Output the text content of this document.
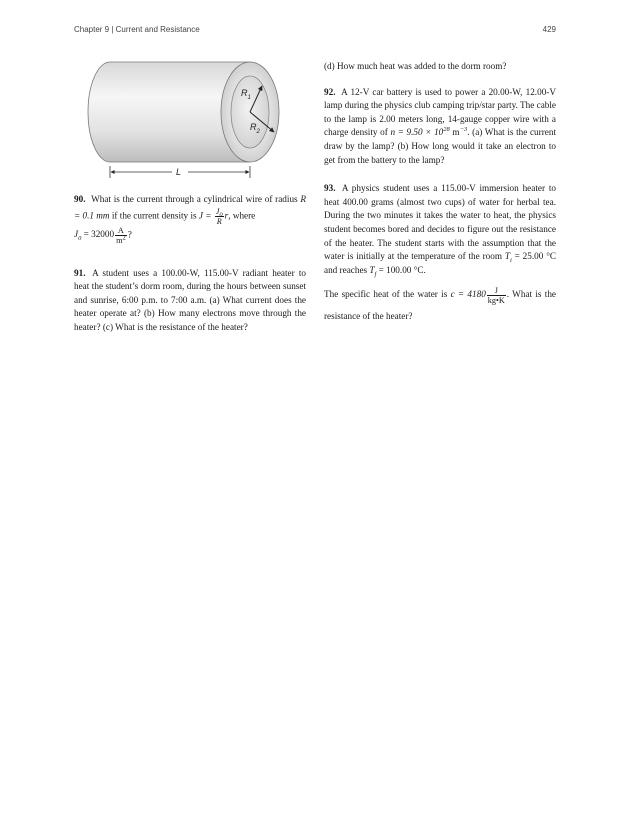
Chapter 9 | Current and Resistance	429
$R_1$
$R_2$
L

90. What is the current through a cylindrical wire of radius R = 0.1 mm if the current density is $J = \frac{J_0}{R} r$, where
$J_0 = 32000 \frac{A}{m^2}$ ?

91. A student uses a 100.00-W, 115.00-V radiant heater to heat the student’s dorm room, during the hours between sunset and sunrise, 6:00 p.m. to 7:00 a.m. (a) What current does the heater operate at? (b) How many electrons move through the heater? (c) What is the resistance of the heater?

(d) How much heat was added to the dorm room?

92. A 12-V car battery is used to power a 20.00-W, 12.00-V lamp during the physics club camping trip/star party. The cable to the lamp is 2.00 meters long, 14-gauge copper wire with a charge density of $n = 9.50 \times 10^{28}$ $m^{-3}$. (a) What is the current draw by the lamp? (b) How long would it take an electron to get from the battery to the lamp?

93. A physics student uses a 115.00-V immersion heater to heat 400.00 grams (almost two cups) of water for herbal tea. During the two minutes it takes the water to heat, the physics student becomes bored and decides to figure out the resistance of the heater. The student starts with the assumption that the water is initially at the temperature of the room $T_i = 25.00$ °C and reaches $T_f = 100.00$ °C.

The specific heat of the water is $c = 4180 \frac{J}{kg•K}$ . What is the resistance of the heater?
